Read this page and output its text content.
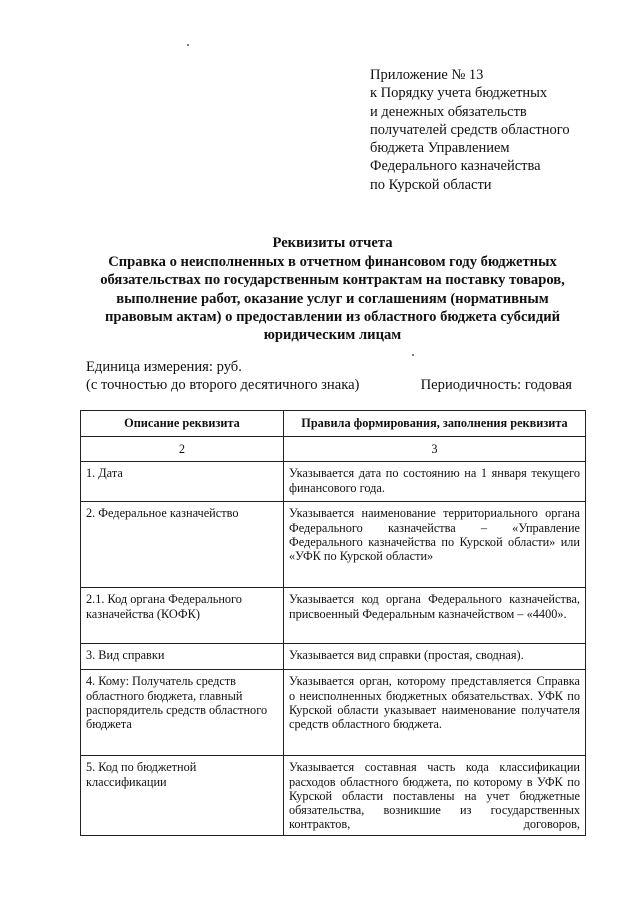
Приложение № 13
к Порядку учета бюджетных
и денежных обязательств
получателей средств областного
бюджета Управлением
Федерального казначейства
по Курской области
Реквизиты отчета
Справка о неисполненных в отчетном финансовом году бюджетных
обязательствах по государственным контрактам на поставку товаров,
выполнение работ, оказание услуг и соглашениям (нормативным
правовым актам) о предоставлении из областного бюджета субсидий
юридическим лицам
Единица измерения: руб.
(с точностью до второго десятичного знака)	Периодичность: годовая
Описание реквизита	Правила формирования, заполнения реквизита
2	3
1. Дата	Указывается дата по состоянию на 1 января текущего финансового года.
2. Федеральное казначейство	Указывается наименование территориального органа Федерального казначейства – «Управление Федерального казначейства по Курской области» или «УФК по Курской области»
2.1. Код органа Федерального казначейства (КОФК)	Указывается код органа Федерального казначейства, присвоенный Федеральным казначейством – «4400».
3. Вид справки	Указывается вид справки (простая, сводная).
4. Кому: Получатель средств областного бюджета, главный распорядитель средств областного бюджета	Указывается орган, которому представляется Справка о неисполненных бюджетных обязательствах. УФК по Курской области указывает наименование получателя средств областного бюджета.
5. Код по бюджетной классификации	Указывается составная часть кода классификации расходов областного бюджета, по которому в УФК по Курской области поставлены на учет бюджетные обязательства, возникшие из государственных контрактов, договоров,
